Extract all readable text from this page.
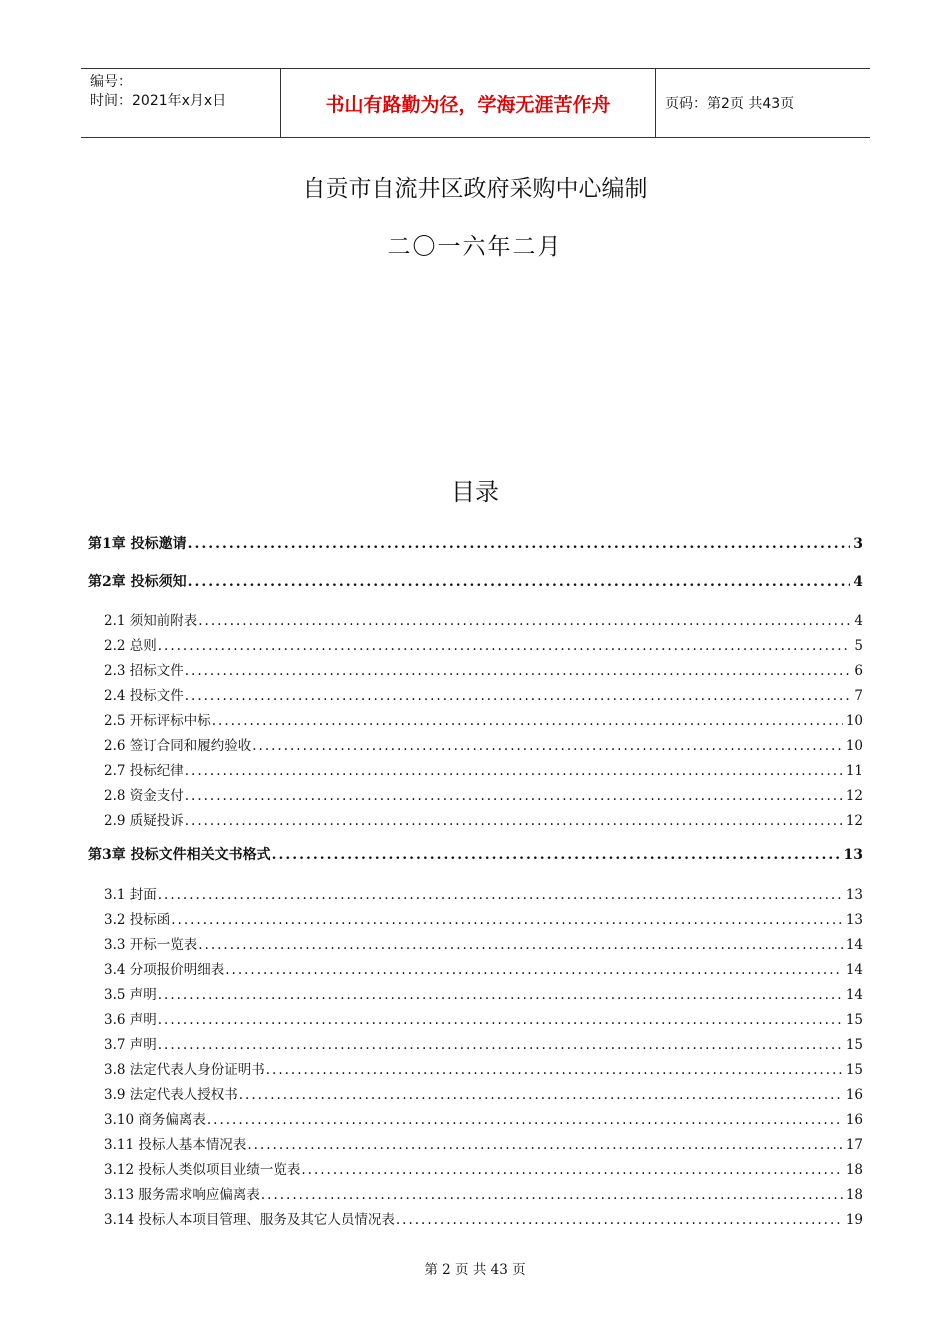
编号：
时间：2021年x月x日	书山有路勤为径，学海无涯苦作舟	页码：第2页 共43页
自贡市自流井区政府采购中心编制
二〇一六年二月
目录
第1章 投标邀请 .....	3
第2章 投标须知 .....	4
2.1 须知前附表 .....	4
2.2 总则 .....	5
2.3 招标文件 .....	6
2.4 投标文件 .....	7
2.5 开标评标中标 .....	10
2.6 签订合同和履约验收 .....	10
2.7 投标纪律 .....	11
2.8 资金支付 .....	12
2.9 质疑投诉 .....	12
第3章 投标文件相关文书格式 .....	13
3.1 封面 .....	13
3.2 投标函 .....	13
3.3 开标一览表 .....	14
3.4 分项报价明细表 .....	14
3.5 声明 .....	14
3.6 声明 .....	15
3.7 声明 .....	15
3.8 法定代表人身份证明书 .....	15
3.9 法定代表人授权书 .....	16
3.10 商务偏离表 .....	16
3.11 投标人基本情况表 .....	17
3.12 投标人类似项目业绩一览表 .....	18
3.13 服务需求响应偏离表 .....	18
3.14 投标人本项目管理、服务及其它人员情况表 .....	19
第 2 页 共 43 页
